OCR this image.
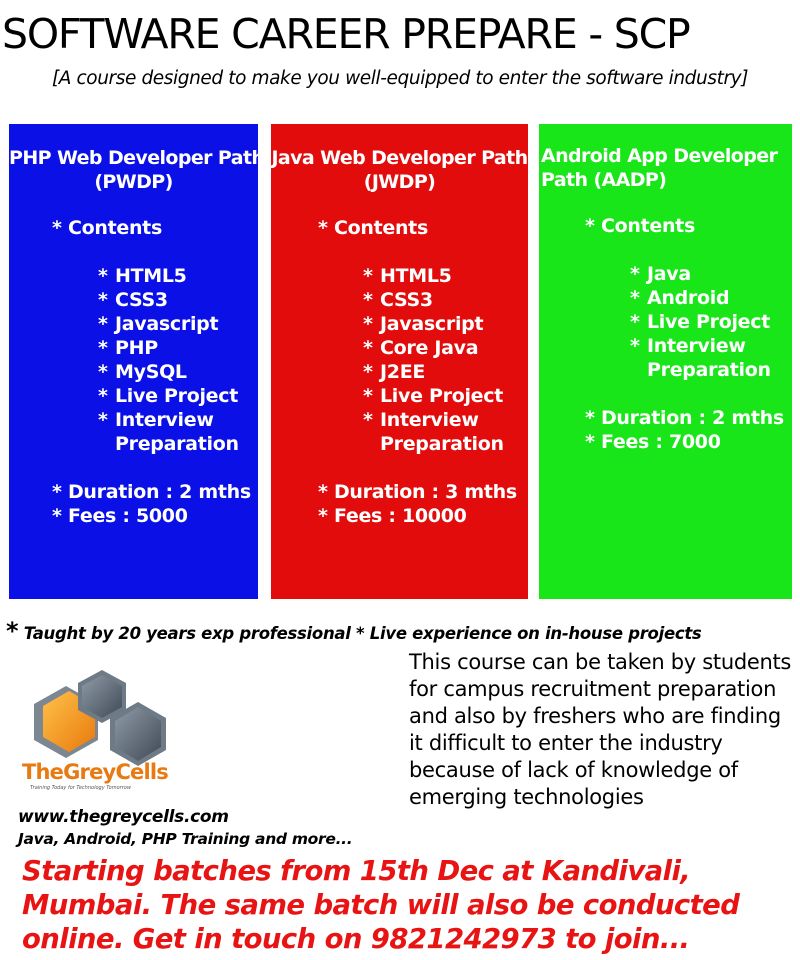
SOFTWARE CAREER PREPARE - SCP
[A course designed to make you well-equipped to enter the software industry]
PHP Web Developer Path
(PWDP)
* Contents
* HTML5
* CSS3
* Javascript
* PHP
* MySQL
* Live Project
* Interview
Preparation
* Duration : 2 mths
* Fees : 5000
Java Web Developer Path
(JWDP)
* Contents
* HTML5
* CSS3
* Javascript
* Core Java
* J2EE
* Live Project
* Interview
Preparation
* Duration : 3 mths
* Fees : 10000
Android App Developer
Path (AADP)
* Contents
* Java
* Android
* Live Project
* Interview
Preparation
* Duration : 2 mths
* Fees : 7000
* Taught by 20 years exp professional * Live experience on in-house projects
This course can be taken by students for campus recruitment preparation and also by freshers who are finding it difficult to enter the industry because of lack of knowledge of emerging technologies
TheGreyCells
Training Today for Technology Tomorrow
www.thegreycells.com
Java, Android, PHP Training and more...
Starting batches from 15th Dec at Kandivali, Mumbai. The same batch will also be conducted online. Get in touch on 9821242973 to join...
